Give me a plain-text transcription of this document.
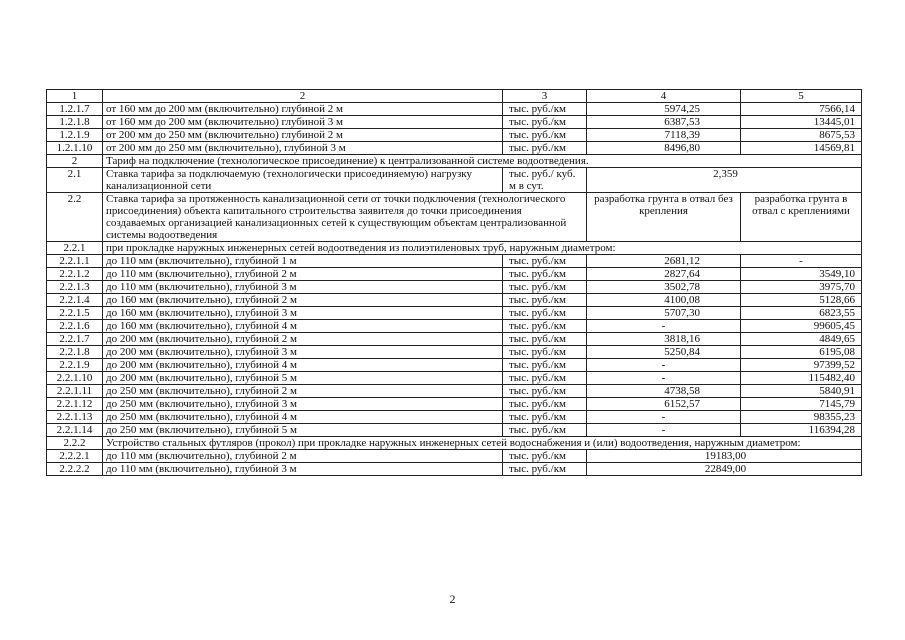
1	2	3	4	5
1.2.1.7	от 160 мм до 200 мм (включительно) глубиной 2 м	тыс. руб./км	5974,25	7566,14
1.2.1.8	от 160 мм до 200 мм (включительно) глубиной 3 м	тыс. руб./км	6387,53	13445,01
1.2.1.9	от 200 мм до 250 мм (включительно) глубиной 2 м	тыс. руб./км	7118,39	8675,53
1.2.1.10	от 200 мм до 250 мм (включительно), глубиной 3 м	тыс. руб./км	8496,80	14569,81
2	Тариф на подключение (технологическое присоединение) к централизованной системе водоотведения.			
2.1	Ставка тарифа за подключаемую (технологически присоединяемую) нагрузку канализационной сети	тыс. руб./ куб. м в сут.	2,359	
2.2	Ставка тарифа за протяженность канализационной сети от точки подключения (технологического присоединения) объекта капитального строительства заявителя до точки присоединения создаваемых организацией канализационных сетей к существующим объектам централизованной системы водоотведения		разработка грунта в отвал без крепления	разработка грунта в отвал с креплениями
2.2.1	при прокладке наружных инженерных сетей водоотведения из полиэтиленовых труб, наружным диаметром:			
2.2.1.1	до 110 мм (включительно), глубиной 1 м	тыс. руб./км	2681,12	-
2.2.1.2	до 110 мм (включительно), глубиной 2 м	тыс. руб./км	2827,64	3549,10
2.2.1.3	до 110 мм (включительно), глубиной 3 м	тыс. руб./км	3502,78	3975,70
2.2.1.4	до 160 мм (включительно), глубиной 2 м	тыс. руб./км	4100,08	5128,66
2.2.1.5	до 160 мм (включительно), глубиной 3 м	тыс. руб./км	5707,30	6823,55
2.2.1.6	до 160 мм (включительно), глубиной 4 м	тыс. руб./км	-	99605,45
2.2.1.7	до 200 мм (включительно), глубиной 2 м	тыс. руб./км	3818,16	4849,65
2.2.1.8	до 200 мм (включительно), глубиной 3 м	тыс. руб./км	5250,84	6195,08
2.2.1.9	до 200 мм (включительно), глубиной 4 м	тыс. руб./км	-	97399,52
2.2.1.10	до 200 мм (включительно), глубиной 5 м	тыс. руб./км	-	115482,40
2.2.1.11	до 250 мм (включительно), глубиной 2 м	тыс. руб./км	4738,58	5840,91
2.2.1.12	до 250 мм (включительно), глубиной 3 м	тыс. руб./км	6152,57	7145,79
2.2.1.13	до 250 мм (включительно), глубиной 4 м	тыс. руб./км	-	98355,23
2.2.1.14	до 250 мм (включительно), глубиной 5 м	тыс. руб./км	-	116394,28
2.2.2	Устройство стальных футляров (прокол) при прокладке наружных инженерных сетей водоснабжения и (или) водоотведения, наружным диаметром:			
2.2.2.1	до 110 мм (включительно), глубиной 2 м	тыс. руб./км	19183,00	
2.2.2.2	до 110 мм (включительно), глубиной 3 м	тыс. руб./км	22849,00	
2
